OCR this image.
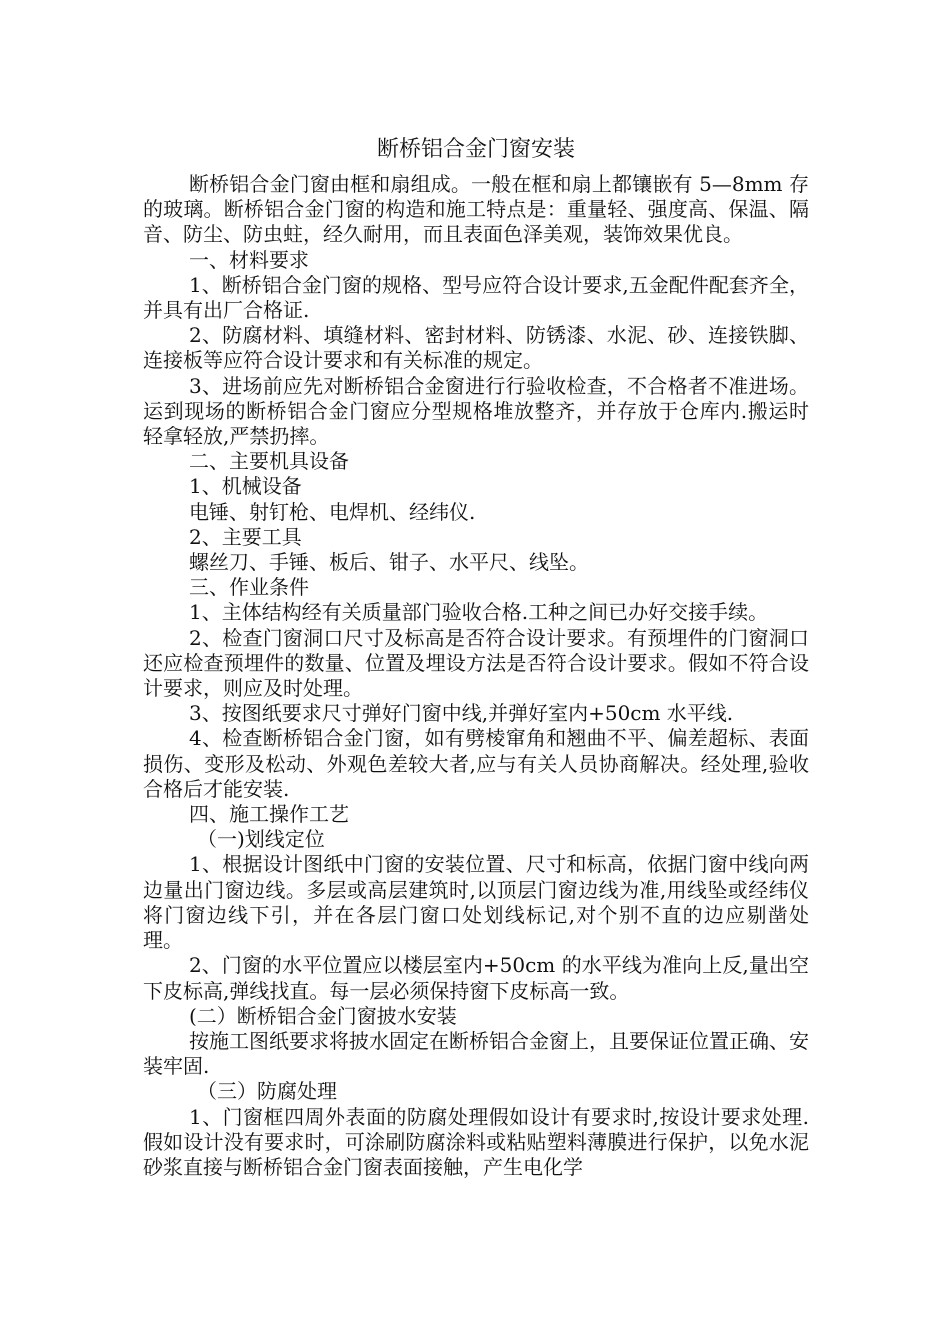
断桥铝合金门窗安装

断桥铝合金门窗由框和扇组成。一般在框和扇上都镶嵌有 5—8mm 存的玻璃。断桥铝合金门窗的构造和施工特点是：重量轻、强度高、保温、隔音、防尘、防虫蛀，经久耐用，而且表面色泽美观，装饰效果优良。

一、材料要求

1、断桥铝合金门窗的规格、型号应符合设计要求,五金配件配套齐全，并具有出厂合格证.

2、防腐材料、填缝材料、密封材料、防锈漆、水泥、砂、连接铁脚、连接板等应符合设计要求和有关标准的规定。

3、进场前应先对断桥铝合金窗进行行验收检查，不合格者不准进场。运到现场的断桥铝合金门窗应分型规格堆放整齐，并存放于仓库内.搬运时轻拿轻放,严禁扔摔。

二、主要机具设备

1、机械设备

电锤、射钉枪、电焊机、经纬仪.

2、主要工具

螺丝刀、手锤、板后、钳子、水平尺、线坠。

三、作业条件

1、主体结构经有关质量部门验收合格.工种之间已办好交接手续。

2、检查门窗洞口尺寸及标高是否符合设计要求。有预埋件的门窗洞口还应检查预埋件的数量、位置及埋设方法是否符合设计要求。假如不符合设计要求，则应及时处理。

3、按图纸要求尺寸弹好门窗中线,并弹好室内+50cm 水平线.

4、检查断桥铝合金门窗，如有劈棱窜角和翘曲不平、偏差超标、表面损伤、变形及松动、外观色差较大者,应与有关人员协商解决。经处理,验收合格后才能安装.

四、施工操作工艺

（一)划线定位

1、根据设计图纸中门窗的安装位置、尺寸和标高，依据门窗中线向两边量出门窗边线。多层或高层建筑时,以顶层门窗边线为准,用线坠或经纬仪将门窗边线下引，并在各层门窗口处划线标记,对个别不直的边应剔凿处理。

2、门窗的水平位置应以楼层室内+50cm 的水平线为准向上反,量出空下皮标高,弹线找直。每一层必须保持窗下皮标高一致。

(二）断桥铝合金门窗披水安装

按施工图纸要求将披水固定在断桥铝合金窗上，且要保证位置正确、安装牢固.

（三）防腐处理

1、门窗框四周外表面的防腐处理假如设计有要求时,按设计要求处理.假如设计没有要求时，可涂刷防腐涂料或粘贴塑料薄膜进行保护，以免水泥砂浆直接与断桥铝合金门窗表面接触，产生电化学
